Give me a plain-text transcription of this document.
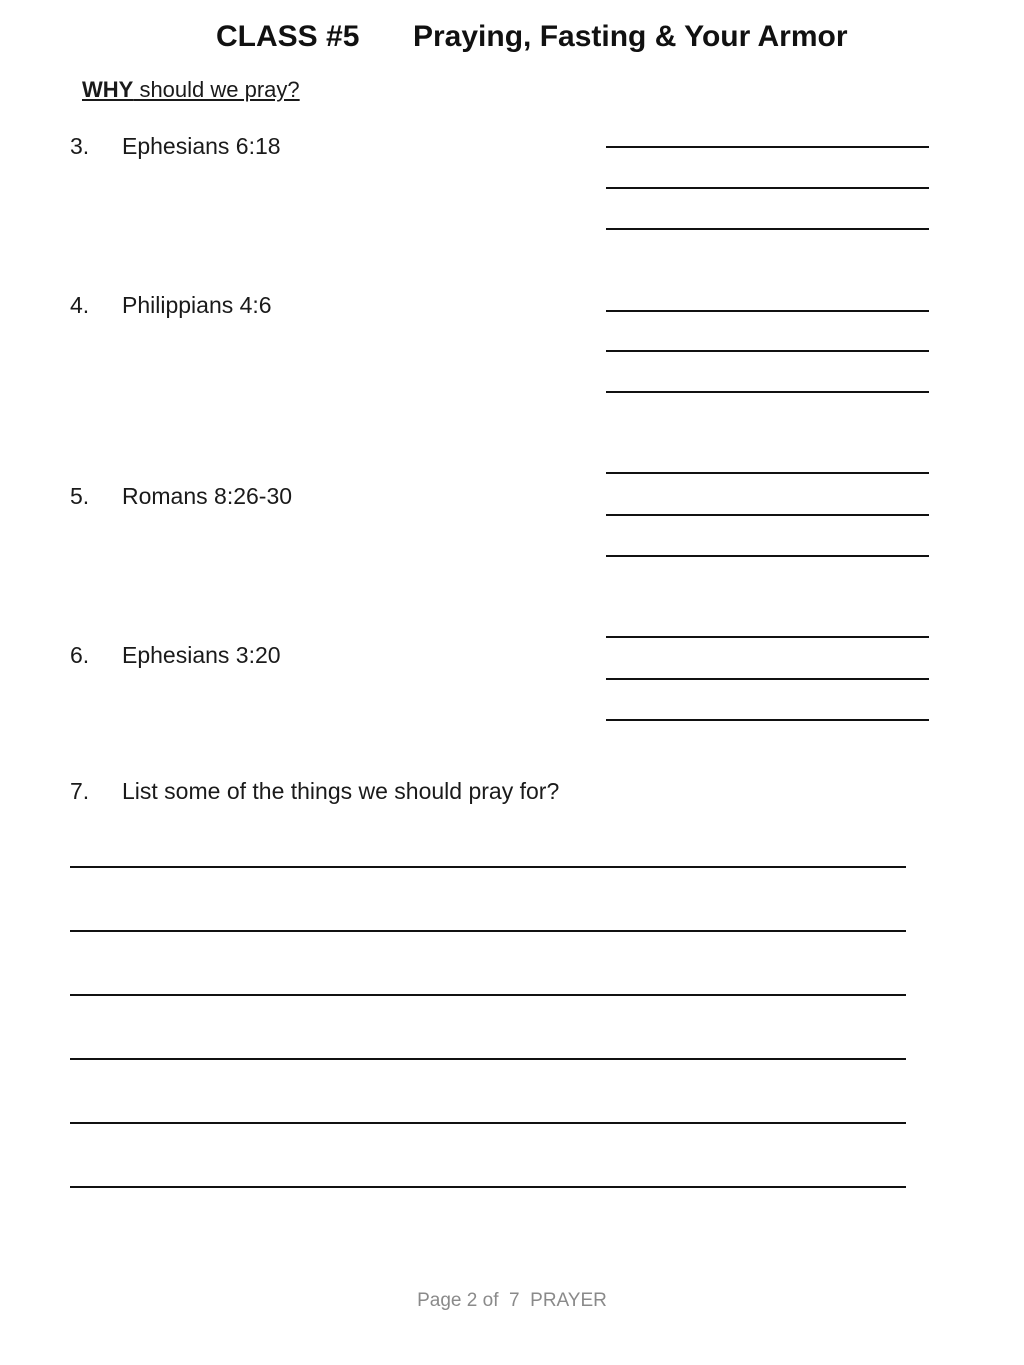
CLASS #5 Praying, Fasting & Your Armor
WHY should we pray?
3. Ephesians 6:18
4. Philippians 4:6
5. Romans 8:26-30
6. Ephesians 3:20
7. List some of the things we should pray for?
Page 2 of  7  PRAYER
